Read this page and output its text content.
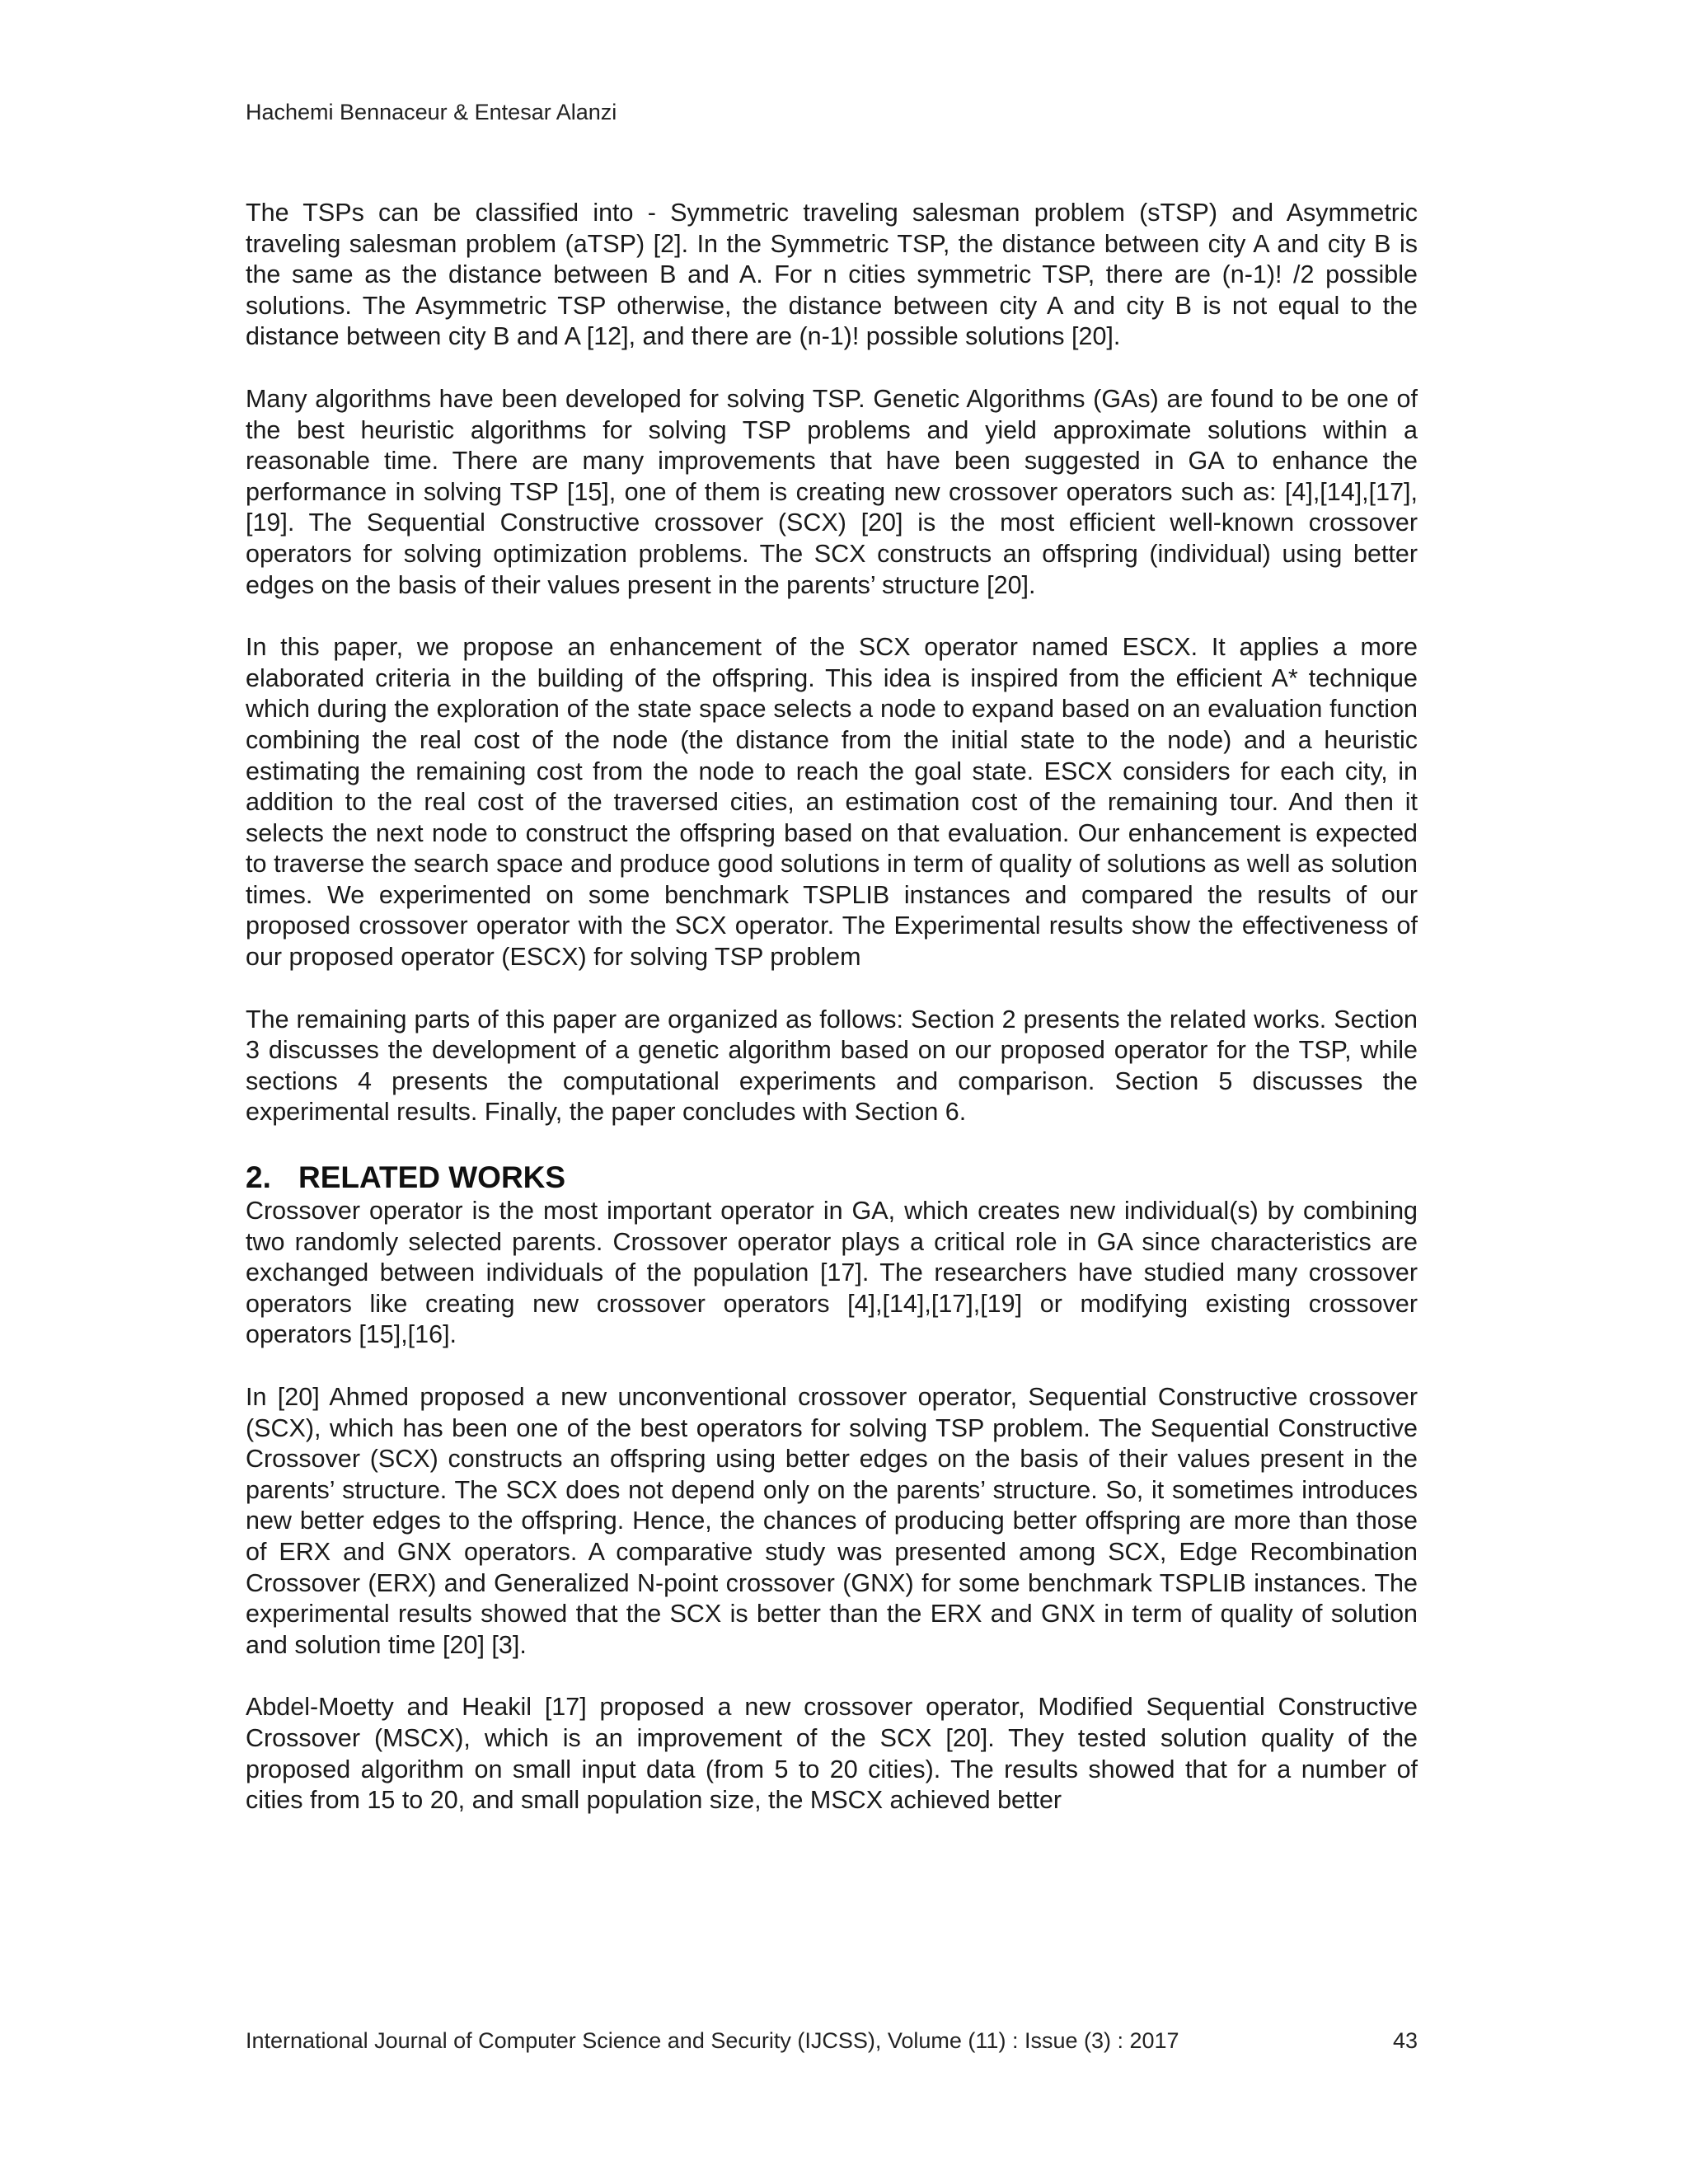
Hachemi Bennaceur & Entesar Alanzi

The TSPs can be classified into - Symmetric traveling salesman problem (sTSP) and Asymmetric traveling salesman problem (aTSP) [2]. In the Symmetric TSP, the distance between city A and city B is the same as the distance between B and A. For n cities symmetric TSP, there are (n-1)! /2 possible solutions. The Asymmetric TSP otherwise, the distance between city A and city B is not equal to the distance between city B and A [12], and there are (n-1)! possible solutions [20].

Many algorithms have been developed for solving TSP. Genetic Algorithms (GAs) are found to be one of the best heuristic algorithms for solving TSP problems and yield approximate solutions within a reasonable time. There are many improvements that have been suggested in GA to enhance the performance in solving TSP [15], one of them is creating new crossover operators such as: [4],[14],[17],[19]. The Sequential Constructive crossover (SCX) [20] is the most efficient well-known crossover operators for solving optimization problems. The SCX constructs an offspring (individual) using better edges on the basis of their values present in the parents’ structure [20].

In this paper, we propose an enhancement of the SCX operator named ESCX. It applies a more elaborated criteria in the building of the offspring. This idea is inspired from the efficient A* technique which during the exploration of the state space selects a node to expand based on an evaluation function combining the real cost of the node (the distance from the initial state to the node) and a heuristic estimating the remaining cost from the node to reach the goal state. ESCX considers for each city, in addition to the real cost of the traversed cities, an estimation cost of the remaining tour. And then it selects the next node to construct the offspring based on that evaluation. Our enhancement is expected to traverse the search space and produce good solutions in term of quality of solutions as well as solution times. We experimented on some benchmark TSPLIB instances and compared the results of our proposed crossover operator with the SCX operator. The Experimental results show the effectiveness of our proposed operator (ESCX) for solving TSP problem

The remaining parts of this paper are organized as follows: Section 2 presents the related works. Section 3 discusses the development of a genetic algorithm based on our proposed operator for the TSP, while sections 4 presents the computational experiments and comparison. Section 5 discusses the experimental results. Finally, the paper concludes with Section 6.

2. RELATED WORKS

Crossover operator is the most important operator in GA, which creates new individual(s) by combining two randomly selected parents. Crossover operator plays a critical role in GA since characteristics are exchanged between individuals of the population [17]. The researchers have studied many crossover operators like creating new crossover operators [4],[14],[17],[19] or modifying existing crossover operators [15],[16].

In [20] Ahmed proposed a new unconventional crossover operator, Sequential Constructive crossover (SCX), which has been one of the best operators for solving TSP problem. The Sequential Constructive Crossover (SCX) constructs an offspring using better edges on the basis of their values present in the parents’ structure. The SCX does not depend only on the parents’ structure. So, it sometimes introduces new better edges to the offspring. Hence, the chances of producing better offspring are more than those of ERX and GNX operators. A comparative study was presented among SCX, Edge Recombination Crossover (ERX) and Generalized N-point crossover (GNX) for some benchmark TSPLIB instances. The experimental results showed that the SCX is better than the ERX and GNX in term of quality of solution and solution time [20] [3].

Abdel-Moetty and Heakil [17] proposed a new crossover operator, Modified Sequential Constructive Crossover (MSCX), which is an improvement of the SCX [20]. They tested solution quality of the proposed algorithm on small input data (from 5 to 20 cities). The results showed that for a number of cities from 15 to 20, and small population size, the MSCX achieved better

International Journal of Computer Science and Security (IJCSS), Volume (11) : Issue (3) : 2017	43
